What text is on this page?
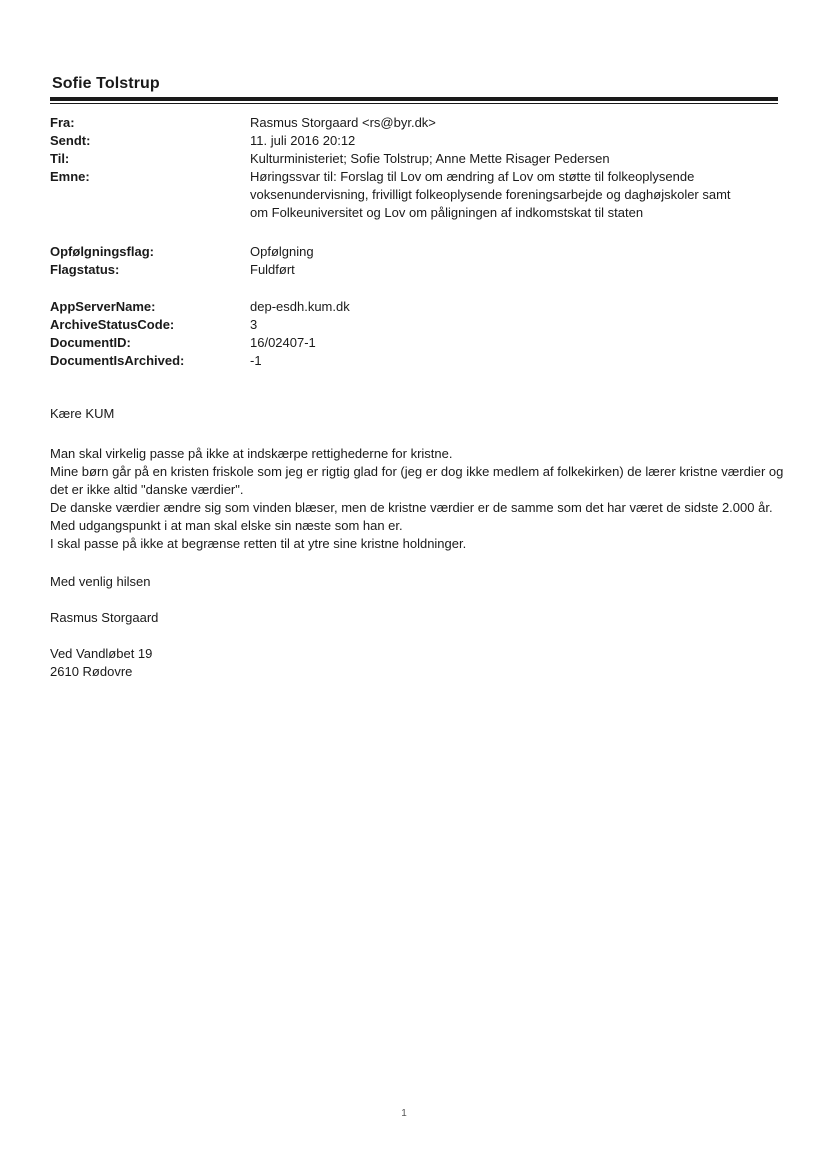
Sofie Tolstrup
Fra:	Rasmus Storgaard <rs@byr.dk>
Sendt:	11. juli 2016 20:12
Til:	Kulturministeriet; Sofie Tolstrup; Anne Mette Risager Pedersen
Emne:	Høringssvar til: Forslag til Lov om ændring af Lov om støtte til folkeoplysende voksenundervisning, frivilligt folkeoplysende foreningsarbejde og daghøjskoler samt om Folkeuniversitet og Lov om påligningen af indkomstskat til staten
Opfølgningsflag:	Opfølgning
Flagstatus:	Fuldført
AppServerName:	dep-esdh.kum.dk
ArchiveStatusCode:	3
DocumentID:	16/02407-1
DocumentIsArchived:	-1

Kære KUM

Man skal virkelig passe på ikke at indskærpe rettighederne for kristne.

Mine børn går på en kristen friskole som jeg er rigtig glad for (jeg er dog ikke medlem af folkekirken) de lærer kristne værdier og det er ikke altid "danske værdier".

De danske værdier ændre sig som vinden blæser, men de kristne værdier er de samme som det har været de sidste 2.000 år.

Med udgangspunkt i at man skal elske sin næste som han er.

I skal passe på ikke at begrænse retten til at ytre sine kristne holdninger.

Med venlig hilsen

Rasmus Storgaard

Ved Vandløbet 19

2610 Rødovre

1
